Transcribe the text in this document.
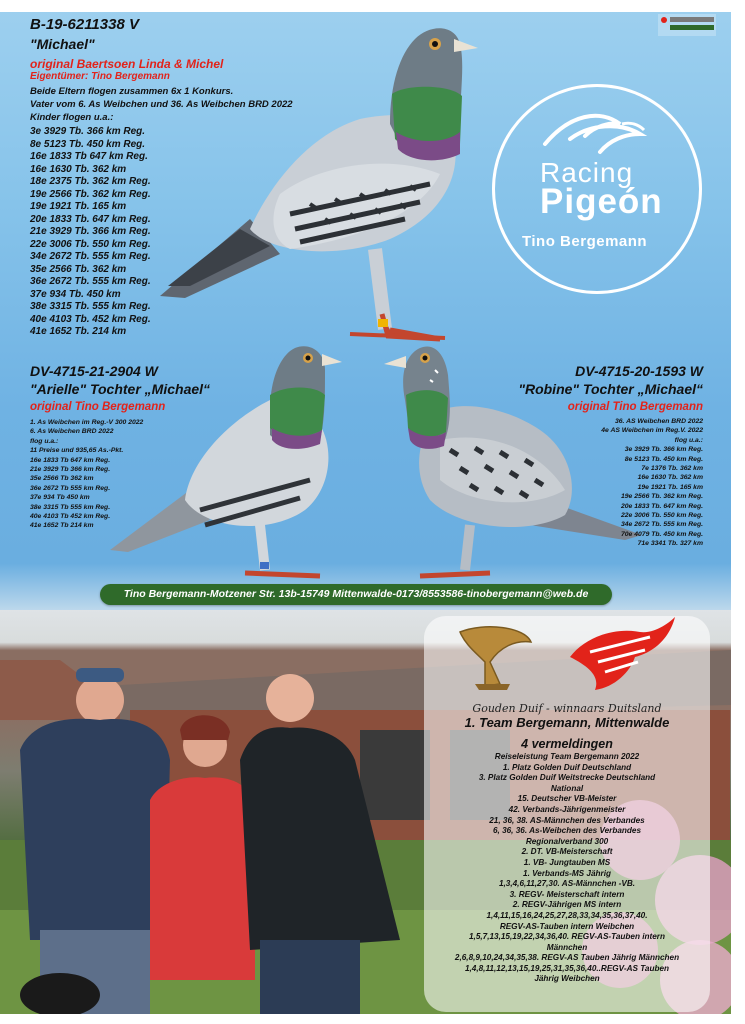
B-19-6211338 V
"Michael"
original Baertsoen Linda & Michel
Eigentümer: Tino Bergemann
Beide Eltern flogen zusammen 6x 1 Konkurs.
Vater vom 6. As Weibchen und 36. As Weibchen BRD 2022
Kinder flogen u.a.:
3e 3929 Tb. 366 km Reg.
8e 5123 Tb. 450 km Reg.
16e 1833 Tb 647 km Reg.
16e 1630 Tb. 362 km
18e 2375 Tb. 362 km Reg.
19e 2566 Tb. 362 km Reg.
19e 1921 Tb. 165 km
20e 1833 Tb. 647 km Reg.
21e 3929 Tb. 366 km Reg.
22e 3006 Tb. 550 km Reg.
34e 2672 Tb. 555 km Reg.
35e 2566 Tb. 362 km
36e 2672 Tb. 555 km Reg.
37e 934 Tb. 450 km
38e 3315 Tb. 555 km Reg.
40e 4103 Tb. 452 km Reg.
41e 1652 Tb. 214 km
Racing
Pigeón
Tino Bergemann
DV-4715-21-2904 W
"Arielle" Tochter „Michael“
original Tino Bergemann
1. As Weibchen im Reg.-V 300 2022
6. As Weibchen BRD 2022
flog u.a.:
11 Preise und 935,65 As.-Pkt.
16e 1833 Tb 647 km Reg.
21e 3929 Tb 366 km Reg.
35e 2566 Tb 362 km
36e 2672 Tb 555 km Reg.
37e 934 Tb 450 km
38e 3315 Tb 555 km Reg.
40e 4103 Tb 452 km Reg.
41e 1652 Tb 214 km
DV-4715-20-1593 W
"Robine" Tochter „Michael“
original Tino Bergemann
36. AS Weibchen BRD 2022
4e AS Weibchen im Reg.V. 2022
flog u.a.:
3e 3929 Tb. 366 km Reg.
8e 5123 Tb. 450 km Reg.
7e 1376 Tb. 362 km
16e 1630 Tb. 362 km
19e 1921 Tb. 165 km
19e 2566 Tb. 362 km Reg.
20e 1833 Tb. 647 km Reg.
22e 3006 Tb. 550 km Reg.
34e 2672 Tb. 555 km Reg.
70e 4079 Tb. 450 km Reg.
71e 3341 Tb. 327 km
Tino Bergemann-Motzener Str. 13b-15749 Mittenwalde-0173/8553586-tinobergemann@web.de
Gouden Duif - winnaars Duitsland
1. Team Bergemann, Mittenwalde
4 vermeldingen
Reiseleistung Team Bergemann 2022
1. Platz Golden Duif Deutschland
3. Platz Golden Duif Weitstrecke Deutschland
National
15. Deutscher VB-Meister
42. Verbands-Jährigenmeister
21, 36, 38. AS-Männchen des Verbandes
6, 36, 36. As-Weibchen des Verbandes
Regionalverband 300
2. DT. VB-Meisterschaft
1. VB- Jungtauben MS
1. Verbands-MS Jährig
1,3,4,6,11,27,30. AS-Männchen -VB.
3. REGV- Meisterschaft intern
2. REGV-Jährigen MS intern
1,4,11,15,16,24,25,27,28,33,34,35,36,37,40.
REGV-AS-Tauben intern Weibchen
1,5,7,13,15,19,22,34,36,40. REGV-AS-Tauben intern
Männchen
2,6,8,9,10,24,34,35,38. REGV-AS Tauben Jährig Männchen
1,4,8,11,12,13,15,19,25,31,35,36,40..REGV-AS Tauben
Jährig Weibchen
